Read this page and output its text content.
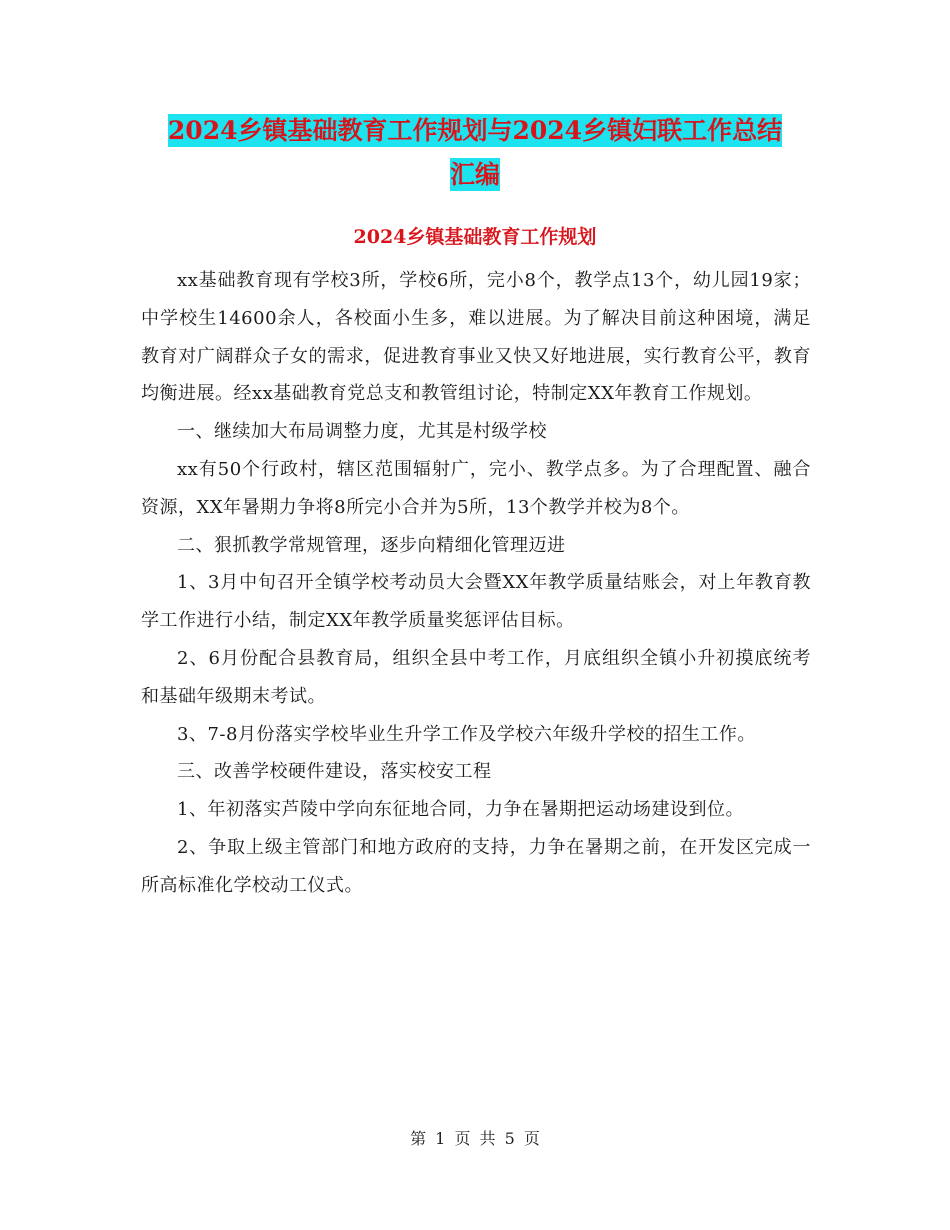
2024乡镇基础教育工作规划与2024乡镇妇联工作总结
汇编
2024乡镇基础教育工作规划

xx基础教育现有学校3所，学校6所，完小8个，教学点13个，幼儿园19家；中学校生14600余人，各校面小生多，难以进展。为了解决目前这种困境，满足教育对广阔群众子女的需求，促进教育事业又快又好地进展，实行教育公平，教育均衡进展。经xx基础教育党总支和教管组讨论，特制定XX年教育工作规划。

一、继续加大布局调整力度，尤其是村级学校

xx有50个行政村，辖区范围辐射广，完小、教学点多。为了合理配置、融合资源，XX年暑期力争将8所完小合并为5所，13个教学并校为8个。

二、狠抓教学常规管理，逐步向精细化管理迈进

1、3月中旬召开全镇学校考动员大会暨XX年教学质量结账会，对上年教育教学工作进行小结，制定XX年教学质量奖惩评估目标。

2、6月份配合县教育局，组织全县中考工作，月底组织全镇小升初摸底统考和基础年级期末考试。

3、7-8月份落实学校毕业生升学工作及学校六年级升学校的招生工作。

三、改善学校硬件建设，落实校安工程

1、年初落实芦陵中学向东征地合同，力争在暑期把运动场建设到位。

2、争取上级主管部门和地方政府的支持，力争在暑期之前，在开发区完成一所高标准化学校动工仪式。

第 1 页 共 5 页
